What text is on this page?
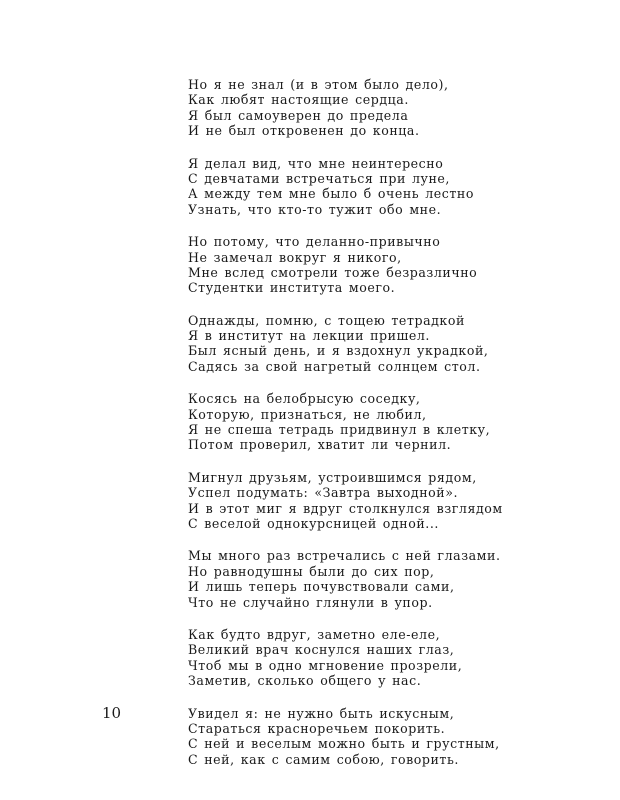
Но я не знал (и в этом было дело),
Как любят настоящие сердца.
Я был самоуверен до предела
И не был откровенен до конца.
Я делал вид, что мне неинтересно
С девчатами встречаться при луне,
А между тем мне было б очень лестно
Узнать, что кто-то тужит обо мне.
Но потому, что деланно-привычно
Не замечал вокруг я никого,
Мне вслед смотрели тоже безразлично
Студентки института моего.
Однажды, помню, с тощею тетрадкой
Я в институт на лекции пришел.
Был ясный день, и я вздохнул украдкой,
Садясь за свой нагретый солнцем стол.
Косясь на белобрысую соседку,
Которую, признаться, не любил,
Я не спеша тетрадь придвинул в клетку,
Потом проверил, хватит ли чернил.
Мигнул друзьям, устроившимся рядом,
Успел подумать: «Завтра выходной».
И в этот миг я вдруг столкнулся взглядом
С веселой однокурсницей одной...
Мы много раз встречались с ней глазами.
Но равнодушны были до сих пор,
И лишь теперь почувствовали сами,
Что не случайно глянули в упор.
Как будто вдруг, заметно еле-еле,
Великий врач коснулся наших глаз,
Чтоб мы в одно мгновение прозрели,
Заметив, сколько общего у нас.
Увидел я: не нужно быть искусным,
Стараться красноречьем покорить.
С ней и веселым можно быть и грустным,
С ней, как с самим собою, говорить.
10
